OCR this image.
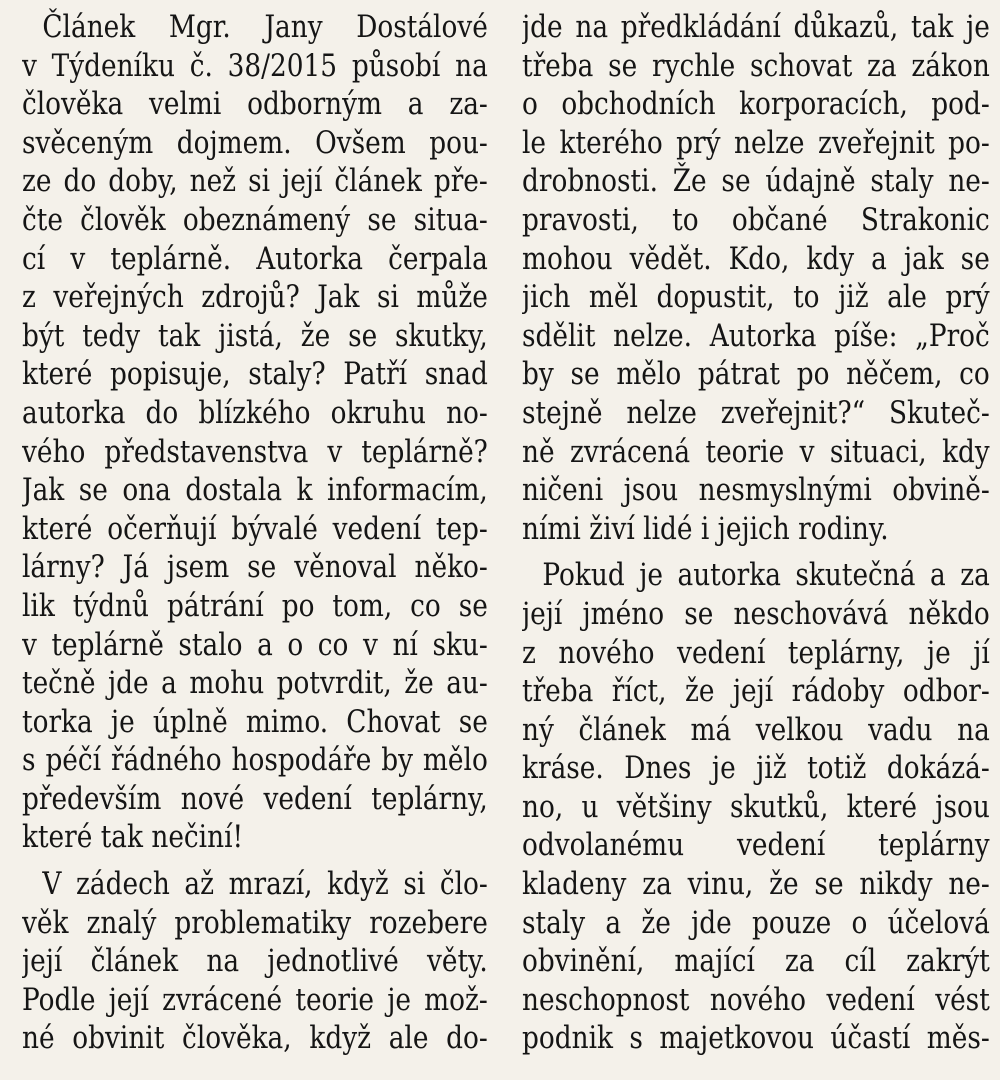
Článek Mgr. Jany Dostálové
v Týdeníku č. 38/2015 působí na
člověka velmi odborným a za-
svěceným dojmem. Ovšem pou-
ze do doby, než si její článek pře-
čte člověk obeznámený se situa-
cí v teplárně. Autorka čerpala
z veřejných zdrojů? Jak si může
být tedy tak jistá, že se skutky,
které popisuje, staly? Patří snad
autorka do blízkého okruhu no-
vého představenstva v teplárně?
Jak se ona dostala k informacím,
které očerňují bývalé vedení tep-
lárny? Já jsem se věnoval něko-
lik týdnů pátrání po tom, co se
v teplárně stalo a o co v ní sku-
tečně jde a mohu potvrdit, že au-
torka je úplně mimo. Chovat se
s péčí řádného hospodáře by mělo
především nové vedení teplárny,
které tak nečiní!
V zádech až mrazí, když si člo-
věk znalý problematiky rozebere
její článek na jednotlivé věty.
Podle její zvrácené teorie je mož-
né obvinit člověka, když ale do-
jde na předkládání důkazů, tak je
třeba se rychle schovat za zákon
o obchodních korporacích, pod-
le kterého prý nelze zveřejnit po-
drobnosti. Že se údajně staly ne-
pravosti, to občané Strakonic
mohou vědět. Kdo, kdy a jak se
jich měl dopustit, to již ale prý
sdělit nelze. Autorka píše: „Proč
by se mělo pátrat po něčem, co
stejně nelze zveřejnit?“ Skuteč-
ně zvrácená teorie v situaci, kdy
ničeni jsou nesmyslnými obvině-
ními živí lidé i jejich rodiny.
Pokud je autorka skutečná a za
její jméno se neschovává někdo
z nového vedení teplárny, je jí
třeba říct, že její rádoby odbor-
ný článek má velkou vadu na
kráse. Dnes je již totiž dokázá-
no, u většiny skutků, které jsou
odvolanému vedení teplárny
kladeny za vinu, že se nikdy ne-
staly a že jde pouze o účelová
obvinění, mající za cíl zakrýt
neschopnost nového vedení vést
podnik s majetkovou účastí měs-
